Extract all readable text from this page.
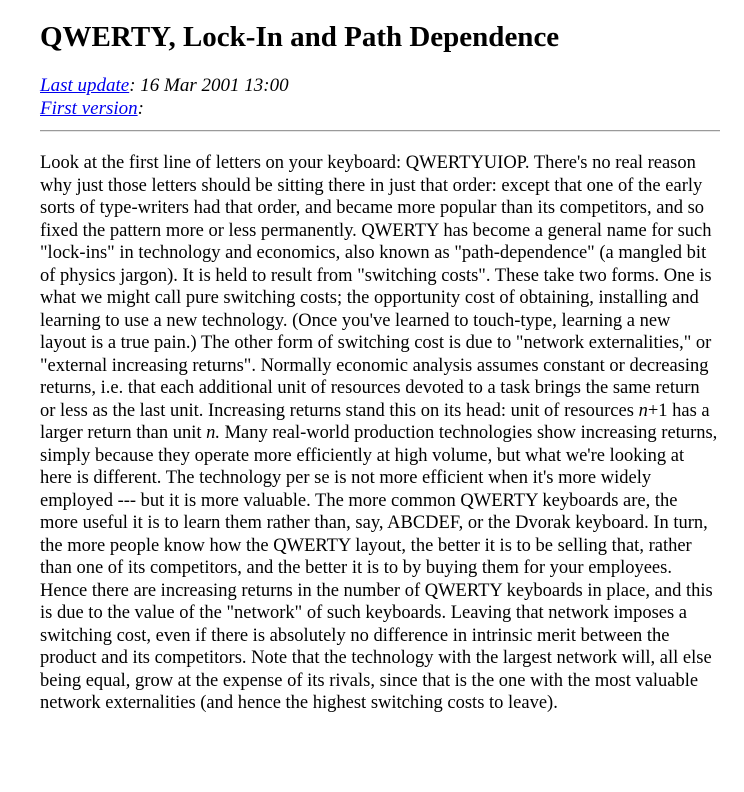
QWERTY, Lock-In and Path Dependence
Last update: 16 Mar 2001 13:00
First version:

Look at the first line of letters on your keyboard: QWERTYUIOP. There's no real reason why just those letters should be sitting there in just that order: except that one of the early sorts of type-writers had that order, and became more popular than its competitors, and so fixed the pattern more or less permanently. QWERTY has become a general name for such "lock-ins" in technology and economics, also known as "path-dependence" (a mangled bit of physics jargon). It is held to result from "switching costs". These take two forms. One is what we might call pure switching costs; the opportunity cost of obtaining, installing and learning to use a new technology. (Once you've learned to touch-type, learning a new layout is a true pain.) The other form of switching cost is due to "network externalities," or "external increasing returns". Normally economic analysis assumes constant or decreasing returns, i.e. that each additional unit of resources devoted to a task brings the same return or less as the last unit. Increasing returns stand this on its head: unit of resources n+1 has a larger return than unit n. Many real-world production technologies show increasing returns, simply because they operate more efficiently at high volume, but what we're looking at here is different. The technology per se is not more efficient when it's more widely employed --- but it is more valuable. The more common QWERTY keyboards are, the more useful it is to learn them rather than, say, ABCDEF, or the Dvorak keyboard. In turn, the more people know how the QWERTY layout, the better it is to be selling that, rather than one of its competitors, and the better it is to by buying them for your employees. Hence there are increasing returns in the number of QWERTY keyboards in place, and this is due to the value of the "network" of such keyboards. Leaving that network imposes a switching cost, even if there is absolutely no difference in intrinsic merit between the product and its competitors. Note that the technology with the largest network will, all else being equal, grow at the expense of its rivals, since that is the one with the most valuable network externalities (and hence the highest switching costs to leave).
